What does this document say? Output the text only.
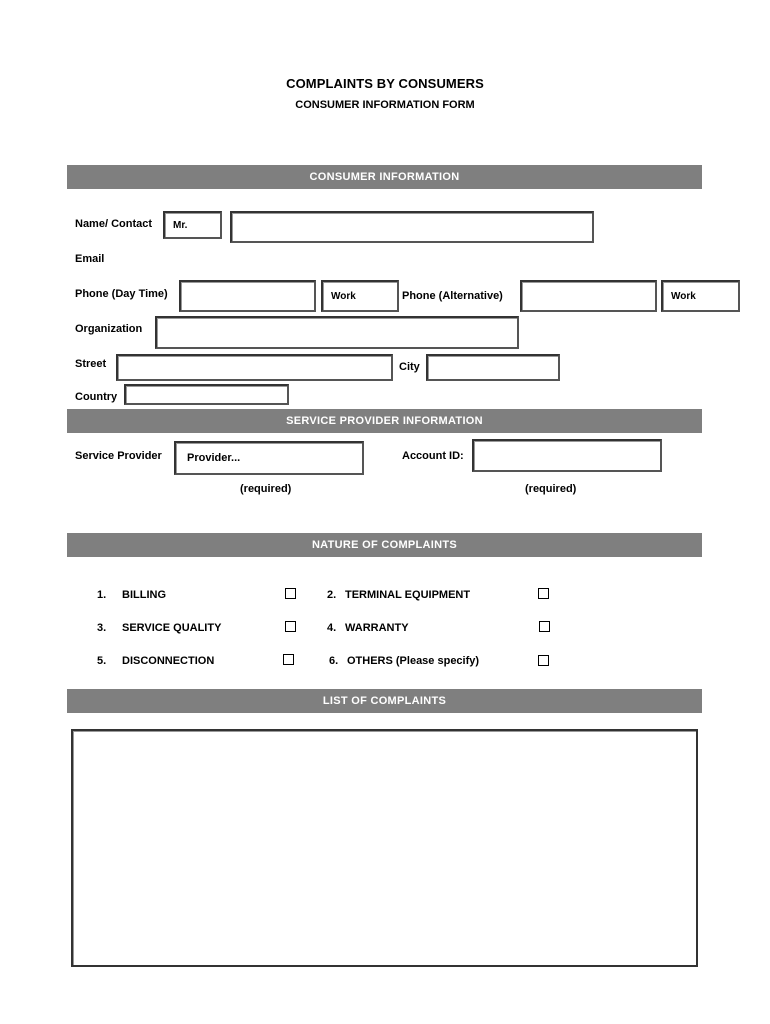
COMPLAINTS BY CONSUMERS
CONSUMER INFORMATION FORM
CONSUMER INFORMATION
Name/ Contact	Mr.
Email
Phone (Day Time)	Work	Phone (Alternative)	Work
Organization
Street	City
Country
SERVICE PROVIDER INFORMATION
Service Provider	Provider...	Account ID:
(required)	(required)
NATURE OF COMPLAINTS
1. BILLING	2. TERMINAL EQUIPMENT
3. SERVICE QUALITY	4. WARRANTY
5. DISCONNECTION	6. OTHERS (Please specify)
LIST OF COMPLAINTS
